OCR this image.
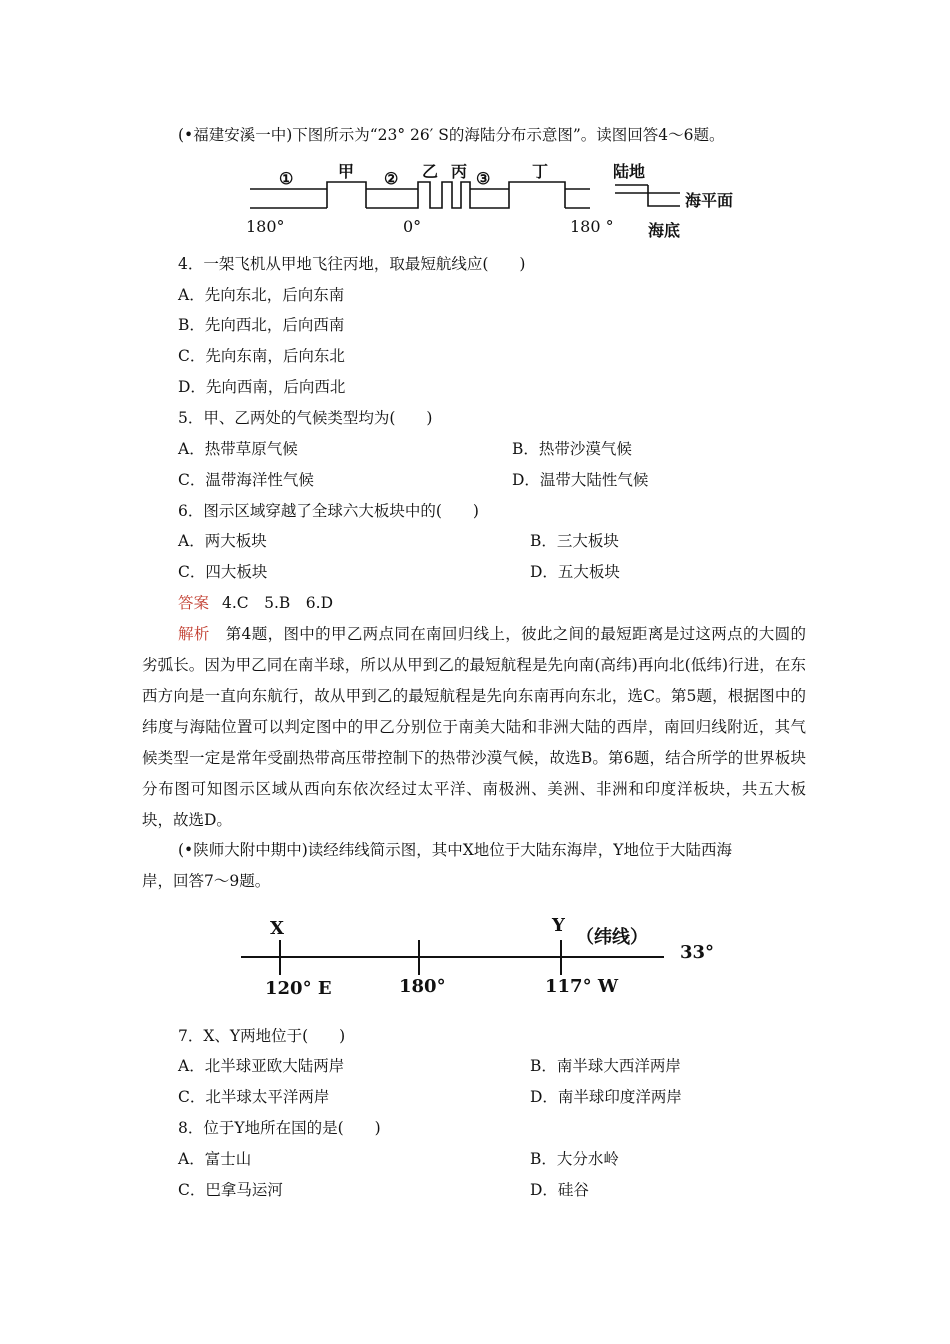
(•福建安溪一中)下图所示为“23° 26′ S的海陆分布示意图”。读图回答4～6题。
①	甲 ② 乙 丙 ③	丁
180°	0°	180 °
陆地
海平面
海底
4．一架飞机从甲地飞往丙地，取最短航线应(　　)
A．先向东北，后向东南
B．先向西北，后向西南
C．先向东南，后向东北
D．先向西南，后向西北
5．甲、乙两处的气候类型均为(　　)
A．热带草原气候	B．热带沙漠气候
C．温带海洋性气候	D．温带大陆性气候
6．图示区域穿越了全球六大板块中的(　　)
A．两大板块	B．三大板块
C．四大板块	D．五大板块
答案 4.C　5.B　6.D
解析 第4题，图中的甲乙两点同在南回归线上，彼此之间的最短距离是过这两点的大圆的劣弧长。因为甲乙同在南半球，所以从甲到乙的最短航程是先向南(高纬)再向北(低纬)行进，在东西方向是一直向东航行，故从甲到乙的最短航程是先向东南再向东北，选C。第5题，根据图中的纬度与海陆位置可以判定图中的甲乙分别位于南美大陆和非洲大陆的西岸，南回归线附近，其气候类型一定是常年受副热带高压带控制下的热带沙漠气候，故选B。第6题，结合所学的世界板块分布图可知图示区域从西向东依次经过太平洋、南极洲、美洲、非洲和印度洋板块，共五大板块，故选D。
(•陕师大附中期中)读经纬线简示图，其中X地位于大陆东海岸，Y地位于大陆西海
岸，回答7～9题。
X	Y
（纬线）
33°
120° E	180°	117° W
7．X、Y两地位于(　　)
A．北半球亚欧大陆两岸	B．南半球大西洋两岸
C．北半球太平洋两岸	D．南半球印度洋两岸
8．位于Y地所在国的是(　　)
A．富士山	B．大分水岭
C．巴拿马运河	D．硅谷
